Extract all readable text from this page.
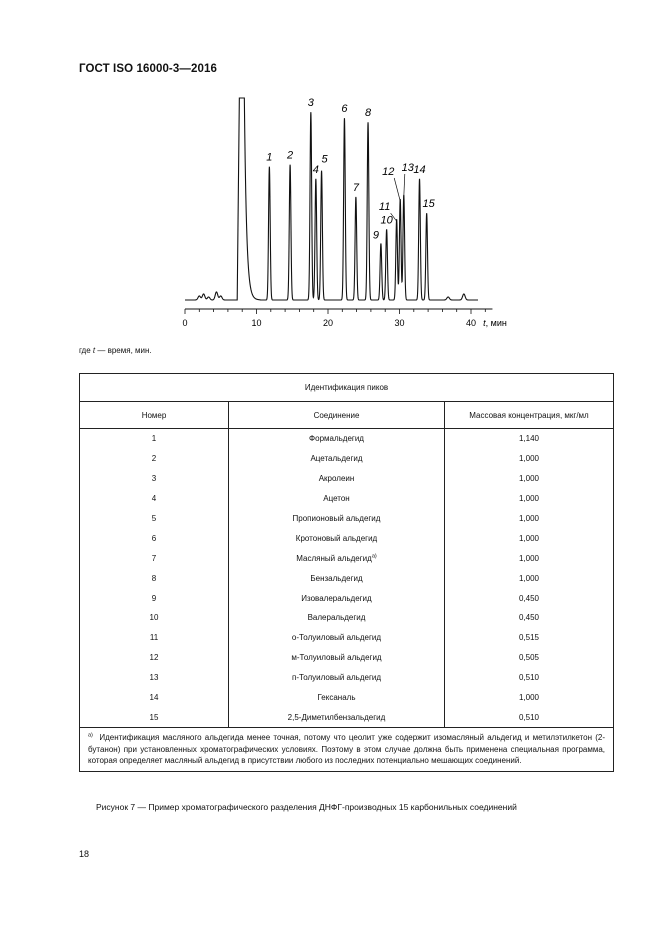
ГОСТ ISO 16000-3—2016
0	10	20	30	40
1 2
3
4
5
6
7
8
9
10
11
12 13 14
15
t, мин
где t — время, мин.
Идентификация пиков		
Номер	Соединение	Массовая концентрация, мкг/мл
1	Формальдегид	1,140
2	Ацетальдегид	1,000
3	Акролеин	1,000
4	Ацетон	1,000
5	Пропионовый альдегид	1,000
6	Кротоновый альдегид	1,000
7	Масляный альдегид$^{а)}$	1,000
8	Бензальдегид	1,000
9	Изовалеральдегид	0,450
10	Валеральдегид	0,450
11	о-Толуиловый альдегид	0,515
12	м-Толуиловый альдегид	0,505
13	п-Толуиловый альдегид	0,510
14	Гексаналь	1,000
15	2,5-Диметилбензальдегид	0,510
$^{а)}$ Идентификация масляного альдегида менее точная, потому что цеолит уже содержит изомасляный альдегид и метилэтилкетон (2-бутанон) при установленных хроматографических условиях. Поэтому в этом случае должна быть применена специальная программа, которая определяет масляный альдегид в присутствии любого из последних потенциально мешающих соединений.		
Рисунок 7 — Пример хроматографического разделения ДНФГ-производных 15 карбонильных соединений
18
